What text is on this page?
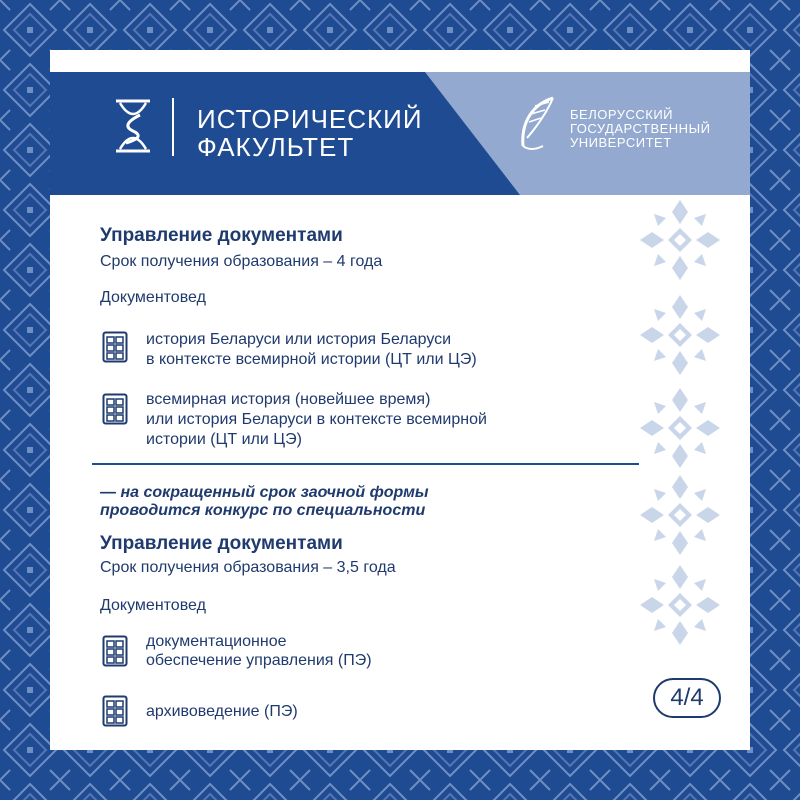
ИСТОРИЧЕСКИЙ
ФАКУЛЬТЕТ
БЕЛОРУССКИЙ
ГОСУДАРСТВЕННЫЙ
УНИВЕРСИТЕТ
Управление документами
Срок получения образования – 4 года
Документовед
история Беларуси или история Беларуси
в контексте всемирной истории (ЦТ или ЦЭ)
всемирная история (новейшее время)
или история Беларуси в контексте всемирной
истории (ЦТ или ЦЭ)
— на сокращенный срок заочной формы
проводится конкурс по специальности
Управление документами
Срок получения образования – 3,5 года
Документовед
документационное
обеспечение управления (ПЭ)
архивоведение (ПЭ)
4/4
